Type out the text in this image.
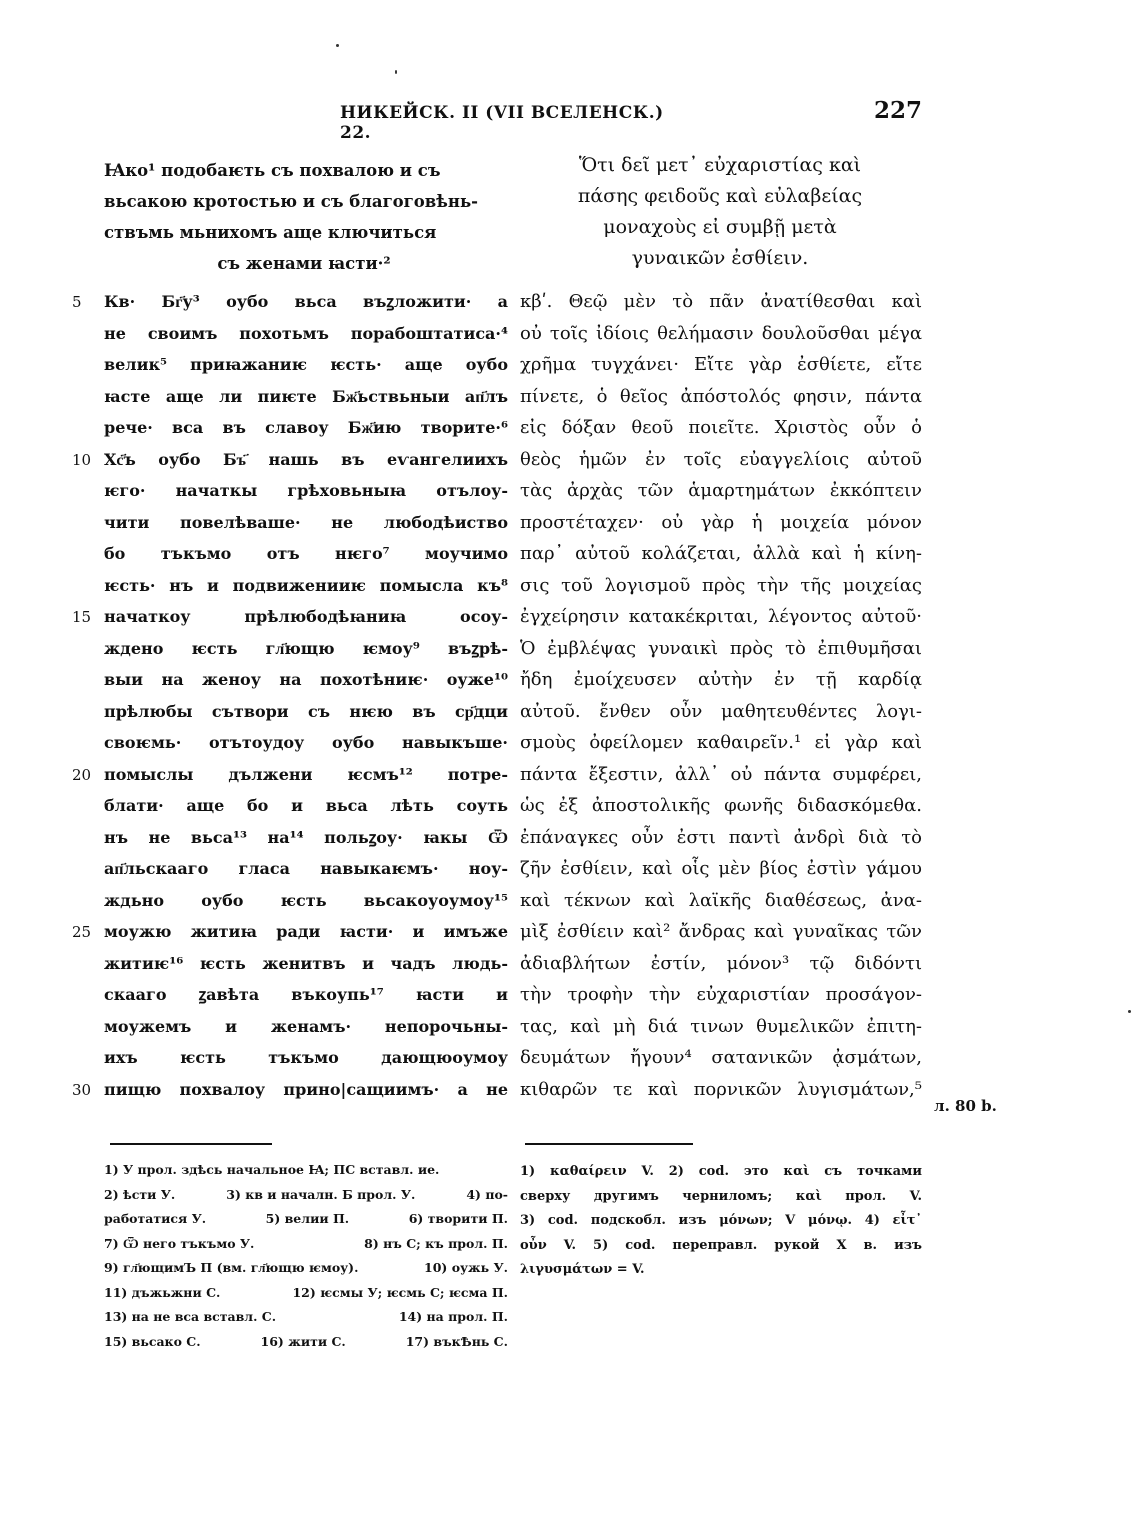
НИКЕЙСК. II (VII ВСЕЛЕНСК.) 22.
227
Ꙗко¹ подобаѥть съ похвалою и съ
вьсакою кротостью и съ благоговѣнь-
ствъмь мьнихомъ аще ключиться
съ женами ꙗсти·²
Ὅτι δεῖ μετ᾿ εὐχαριστίας καὶ
πάσης φειδοῦς καὶ εὐλαβείας
μοναχοὺς εἰ συμβῇ μετὰ
γυναικῶν ἐσθίειν.
5
10
15
20
25
30
Кв· Бг҃у³ оубо вьса въꙁложити· а
не своимъ похотьмъ порабоштатиса·⁴
велик⁵ приꙗжаниѥ ѥсть· аще оубо
ꙗсте аще ли пиѥте Бж҃ьствьныи ап҃лъ
рече· вса въ славоу Бж҃ию творите·⁶
Хс҃ъ оубо Бъ҃ нашь въ еѵангелиихъ
ѥго· начаткы грѣховьныꙗ отълоу-
чити повелѣваше· не любодѣиство
бо тъкъмо отъ нѥго⁷ моучимо
ѥсть· нъ и подвиженииѥ помысла къ⁸
начаткоу прѣлюбодѣꙗниꙗ осоу-
ждено ѥсть гл҃ющю ѥмоу⁹ въꙁрѣ-
выи на женоу на похотѣниѥ· оуже¹⁰
прѣлюбы сътвори съ нѥю въ ср҃дци
своѥмь· отътоудоу оубо навыкъше·
помыслы дължени ѥсмъ¹² потре-
блати· аще бо и вьса лѣть соуть
нъ не вьса¹³ на¹⁴ польꙁоу· ꙗкы Ѿ
ап҃льскааго гласа навыкаѥмъ· ноу-
ждьно оубо ѥсть вьсакоуоумоу¹⁵
моужю житиꙗ ради ꙗсти· и имъже
житиѥ¹⁶ ѥсть женитвъ и чадъ людь-
скааго ꙁавѣта въкоупь¹⁷ ꙗсти и
моужемъ и женамъ· непорочьны-
ихъ ѥсть тъкъмо дающюоумоу
пищю похвалоу прино|сащиимъ· а не
κβʹ. Θεῷ μὲν τὸ πᾶν ἀνατίθεσθαι καὶ
οὐ τοῖς ἰδίοις θελήμασιν δουλοῦσθαι μέγα
χρῆμα τυγχάνει· Εἴτε γὰρ ἐσθίετε, εἴτε
πίνετε, ὁ θεῖος ἀπόστολός φησιν, πάντα
εἰς δόξαν θεοῦ ποιεῖτε. Χριστὸς οὖν ὁ
θεὸς ἡμῶν ἐν τοῖς εὐαγγελίοις αὐτοῦ
τὰς ἀρχὰς τῶν ἁμαρτημάτων ἐκκόπτειν
προστέταχεν· οὐ γὰρ ἡ μοιχεία μόνον
παρ᾿ αὐτοῦ κολάζεται, ἀλλὰ καὶ ἡ κίνη-
σις τοῦ λογισμοῦ πρὸς τὴν τῆς μοιχείας
ἐγχείρησιν κατακέκριται, λέγοντος αὐτοῦ·
Ὁ ἐμβλέψας γυναικὶ πρὸς τὸ ἐπιθυμῆσαι
ἤδη ἐμοίχευσεν αὐτὴν ἐν τῇ καρδίᾳ
αὐτοῦ. ἔνθεν οὖν μαθητευθέντες λογι-
σμοὺς ὀφείλομεν καθαιρεῖν.¹ εἰ γὰρ καὶ
πάντα ἔξεστιν, ἀλλ᾿ οὐ πάντα συμφέρει,
ὡς ἐξ ἀποστολικῆς φωνῆς διδασκόμεθα.
ἐπάναγκες οὖν ἐστι παντὶ ἀνδρὶ διὰ τὸ
ζῆν ἐσθίειν, καὶ οἷς μὲν βίος ἐστὶν γάμου
καὶ τέκνων καὶ λαϊκῆς διαθέσεως, ἀνα-
μὶξ ἐσθίειν καὶ² ἄνδρας καὶ γυναῖκας τῶν
ἀδιαβλήτων ἐστίν, μόνον³ τῷ διδόντι
τὴν τροφὴν τὴν εὐχαριστίαν προσάγον-
τας, καὶ μὴ διά τινων θυμελικῶν ἐπιτη-
δευμάτων ἤγουν⁴ σατανικῶν ᾀσμάτων,
κιθαρῶν τε καὶ πορνικῶν λυγισμάτων,⁵
л. 80 b.
1) У прол. здѣсь начальное Ꙗ; ПС вставл. ие.
2) ѣсти У.	3) кв и началн. Б прол. У.	4) по-
работатися У.	5) велии П.	6) творити П.
7) Ѿ него тъкъмо У.	8) нъ С; къ прол. П.
9) гл҃ющимЪ П (вм. гл҃ющю ѥмоу).	10) оужь У.
11) дъжьжни С.	12) ѥсмы У; ѥсмь С; ѥсма П.
13) на не вса вставл. С.	14) на прол. П.
15) вьсако С.	16) жити С.	17) въкѢнь С.
1) καθαίρειν V. 2) cod. это καὶ съ точками
сверху другимъ черниломъ; καὶ прол. V.
3) cod. подскобл. изъ μόνων; V μόνῳ. 4) εἶτ᾿
οὖν V. 5) cod. переправл. рукой X в. изъ
λιγυσμάτων = V.
